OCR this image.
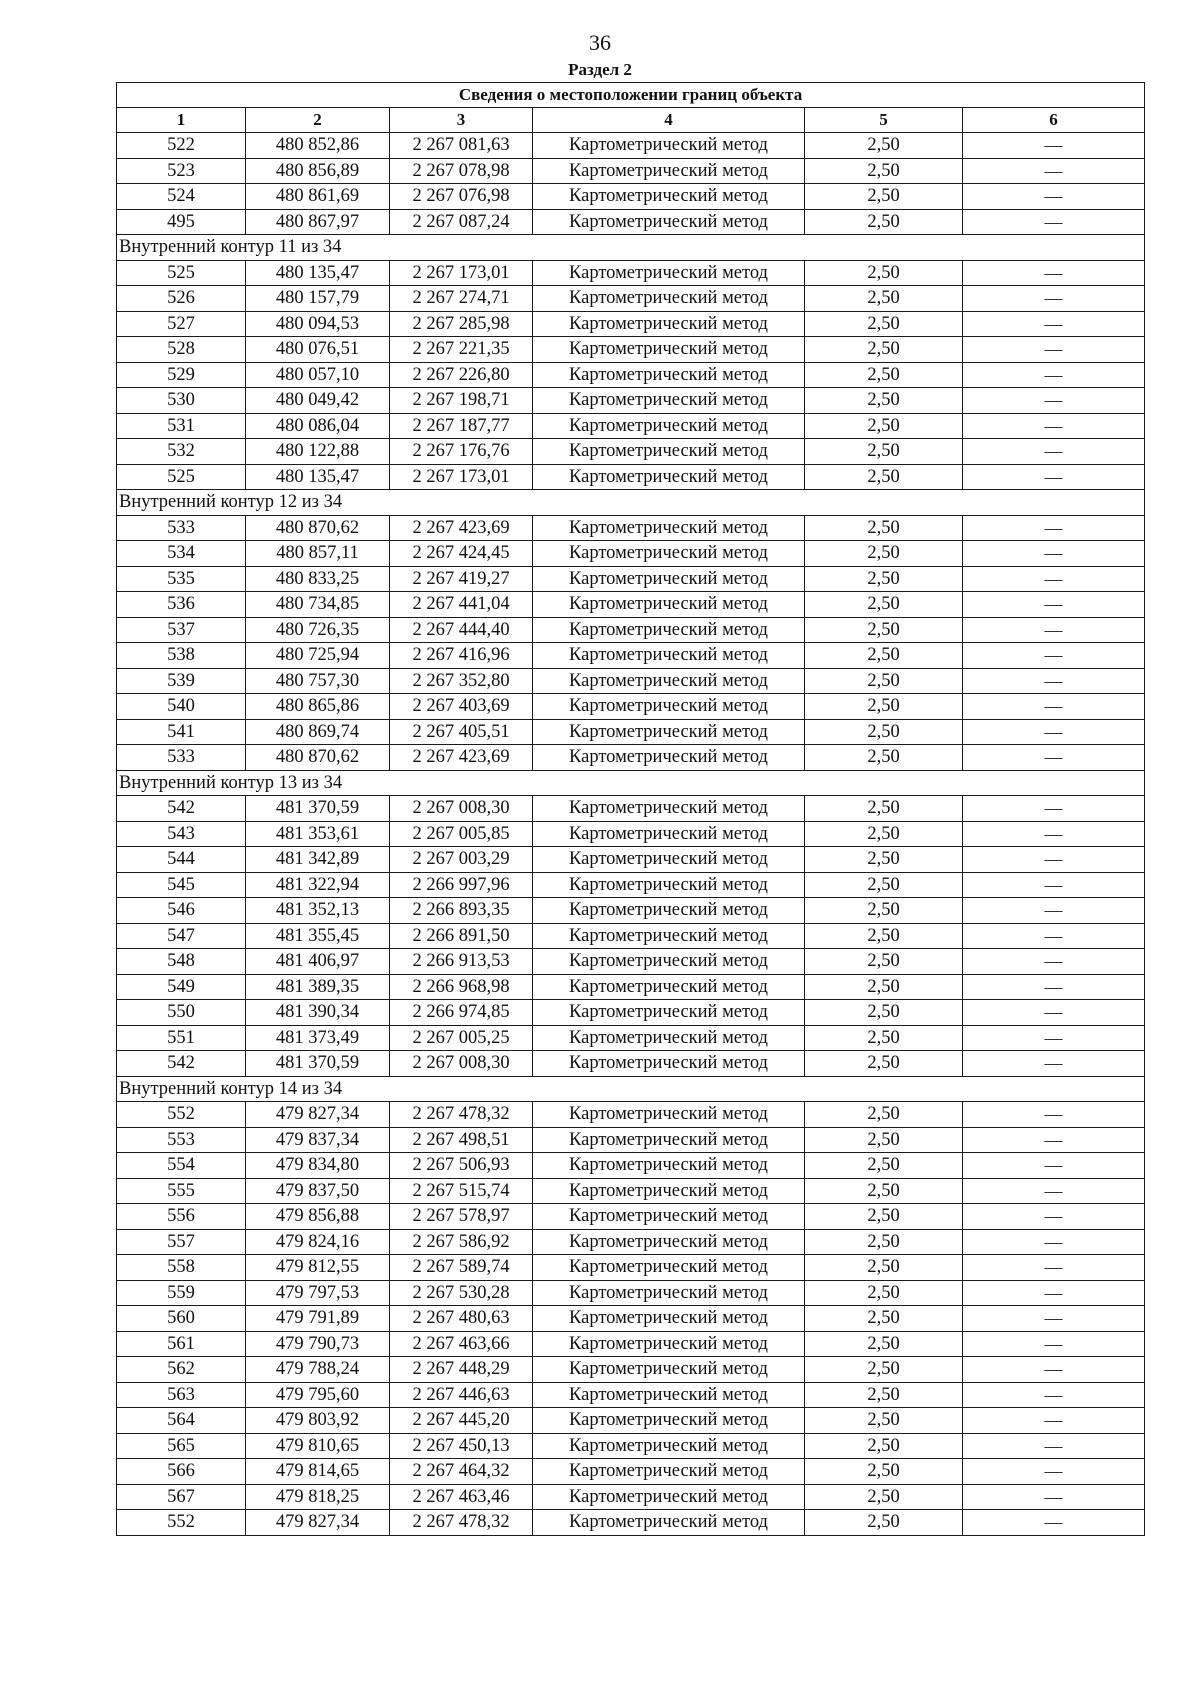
36
Раздел 2
Сведения о местоположении границ объекта					
1	2	3	4	5	6
522	480 852,86	2 267 081,63	Картометрический метод	2,50	—
523	480 856,89	2 267 078,98	Картометрический метод	2,50	—
524	480 861,69	2 267 076,98	Картометрический метод	2,50	—
495	480 867,97	2 267 087,24	Картометрический метод	2,50	—
Внутренний контур 11 из 34					
525	480 135,47	2 267 173,01	Картометрический метод	2,50	—
526	480 157,79	2 267 274,71	Картометрический метод	2,50	—
527	480 094,53	2 267 285,98	Картометрический метод	2,50	—
528	480 076,51	2 267 221,35	Картометрический метод	2,50	—
529	480 057,10	2 267 226,80	Картометрический метод	2,50	—
530	480 049,42	2 267 198,71	Картометрический метод	2,50	—
531	480 086,04	2 267 187,77	Картометрический метод	2,50	—
532	480 122,88	2 267 176,76	Картометрический метод	2,50	—
525	480 135,47	2 267 173,01	Картометрический метод	2,50	—
Внутренний контур 12 из 34					
533	480 870,62	2 267 423,69	Картометрический метод	2,50	—
534	480 857,11	2 267 424,45	Картометрический метод	2,50	—
535	480 833,25	2 267 419,27	Картометрический метод	2,50	—
536	480 734,85	2 267 441,04	Картометрический метод	2,50	—
537	480 726,35	2 267 444,40	Картометрический метод	2,50	—
538	480 725,94	2 267 416,96	Картометрический метод	2,50	—
539	480 757,30	2 267 352,80	Картометрический метод	2,50	—
540	480 865,86	2 267 403,69	Картометрический метод	2,50	—
541	480 869,74	2 267 405,51	Картометрический метод	2,50	—
533	480 870,62	2 267 423,69	Картометрический метод	2,50	—
Внутренний контур 13 из 34					
542	481 370,59	2 267 008,30	Картометрический метод	2,50	—
543	481 353,61	2 267 005,85	Картометрический метод	2,50	—
544	481 342,89	2 267 003,29	Картометрический метод	2,50	—
545	481 322,94	2 266 997,96	Картометрический метод	2,50	—
546	481 352,13	2 266 893,35	Картометрический метод	2,50	—
547	481 355,45	2 266 891,50	Картометрический метод	2,50	—
548	481 406,97	2 266 913,53	Картометрический метод	2,50	—
549	481 389,35	2 266 968,98	Картометрический метод	2,50	—
550	481 390,34	2 266 974,85	Картометрический метод	2,50	—
551	481 373,49	2 267 005,25	Картометрический метод	2,50	—
542	481 370,59	2 267 008,30	Картометрический метод	2,50	—
Внутренний контур 14 из 34					
552	479 827,34	2 267 478,32	Картометрический метод	2,50	—
553	479 837,34	2 267 498,51	Картометрический метод	2,50	—
554	479 834,80	2 267 506,93	Картометрический метод	2,50	—
555	479 837,50	2 267 515,74	Картометрический метод	2,50	—
556	479 856,88	2 267 578,97	Картометрический метод	2,50	—
557	479 824,16	2 267 586,92	Картометрический метод	2,50	—
558	479 812,55	2 267 589,74	Картометрический метод	2,50	—
559	479 797,53	2 267 530,28	Картометрический метод	2,50	—
560	479 791,89	2 267 480,63	Картометрический метод	2,50	—
561	479 790,73	2 267 463,66	Картометрический метод	2,50	—
562	479 788,24	2 267 448,29	Картометрический метод	2,50	—
563	479 795,60	2 267 446,63	Картометрический метод	2,50	—
564	479 803,92	2 267 445,20	Картометрический метод	2,50	—
565	479 810,65	2 267 450,13	Картометрический метод	2,50	—
566	479 814,65	2 267 464,32	Картометрический метод	2,50	—
567	479 818,25	2 267 463,46	Картометрический метод	2,50	—
552	479 827,34	2 267 478,32	Картометрический метод	2,50	—
